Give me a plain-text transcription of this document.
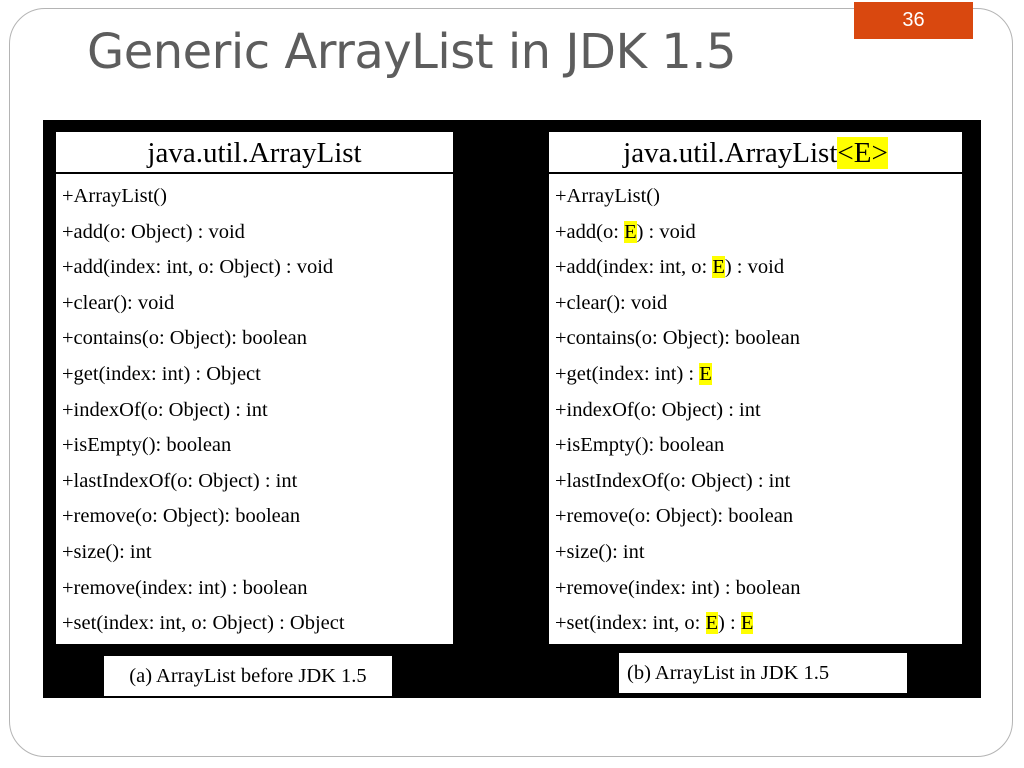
36
Generic ArrayList in JDK 1.5
java.util.ArrayList
+ArrayList()
+add(o: Object) : void
+add(index: int, o: Object) : void
+clear(): void
+contains(o: Object): boolean
+get(index: int) : Object
+indexOf(o: Object) : int
+isEmpty(): boolean
+lastIndexOf(o: Object) : int
+remove(o: Object): boolean
+size(): int
+remove(index: int) : boolean
+set(index: int, o: Object) : Object
java.util.ArrayList<E>
+ArrayList()
+add(o: E) : void
+add(index: int, o: E) : void
+clear(): void
+contains(o: Object): boolean
+get(index: int) : E
+indexOf(o: Object) : int
+isEmpty(): boolean
+lastIndexOf(o: Object) : int
+remove(o: Object): boolean
+size(): int
+remove(index: int) : boolean
+set(index: int, o: E) : E
(a) ArrayList before JDK 1.5	(b) ArrayList in JDK 1.5
